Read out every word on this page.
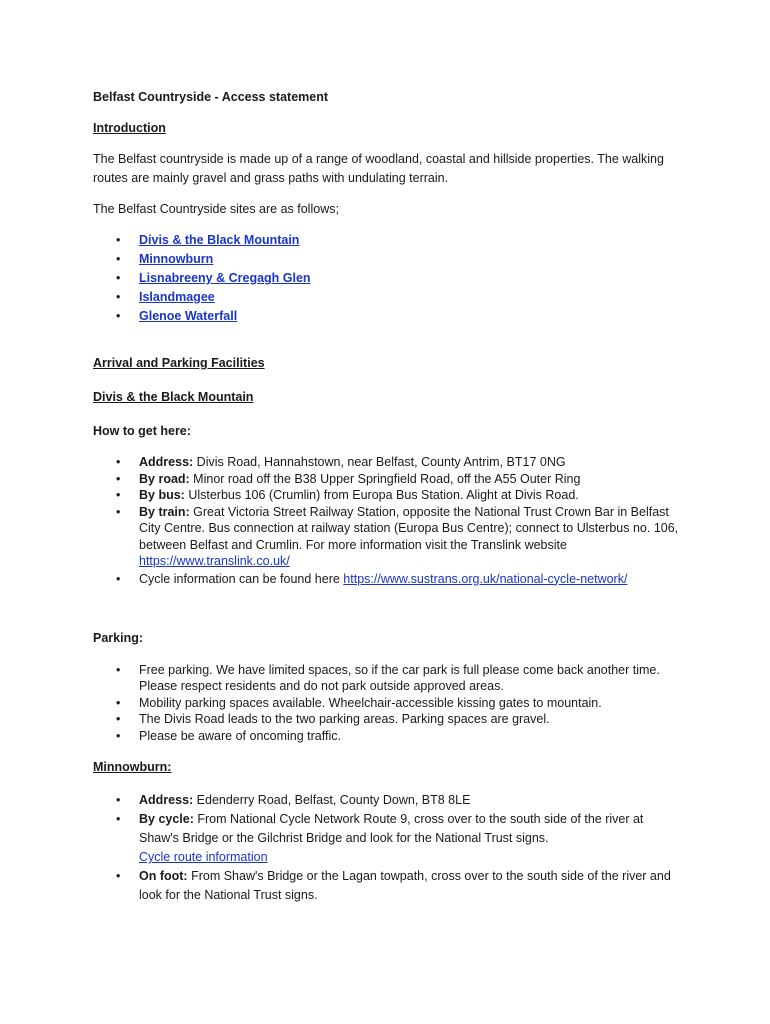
Belfast Countryside - Access statement

Introduction

The Belfast countryside is made up of a range of woodland, coastal and hillside properties. The walking routes are mainly gravel and grass paths with undulating terrain.

The Belfast Countryside sites are as follows;

• Divis & the Black Mountain
• Minnowburn
• Lisnabreeny & Cregagh Glen
• Islandmagee
• Glenoe Waterfall

Arrival and Parking Facilities

Divis & the Black Mountain

How to get here:

• Address: Divis Road, Hannahstown, near Belfast, County Antrim, BT17 0NG
• By road: Minor road off the B38 Upper Springfield Road, off the A55 Outer Ring
• By bus: Ulsterbus 106 (Crumlin) from Europa Bus Station. Alight at Divis Road.
• By train: Great Victoria Street Railway Station, opposite the National Trust Crown Bar in Belfast City Centre. Bus connection at railway station (Europa Bus Centre); connect to Ulsterbus no. 106, between Belfast and Crumlin. For more information visit the Translink website https://www.translink.co.uk/
• Cycle information can be found here https://www.sustrans.org.uk/national-cycle-network/

Parking:

• Free parking. We have limited spaces, so if the car park is full please come back another time. Please respect residents and do not park outside approved areas.
• Mobility parking spaces available. Wheelchair-accessible kissing gates to mountain.
• The Divis Road leads to the two parking areas. Parking spaces are gravel.
• Please be aware of oncoming traffic.

Minnowburn:

• Address: Edenderry Road, Belfast, County Down, BT8 8LE
• By cycle: From National Cycle Network Route 9, cross over to the south side of the river at Shaw's Bridge or the Gilchrist Bridge and look for the National Trust signs.
Cycle route information
• On foot: From Shaw's Bridge or the Lagan towpath, cross over to the south side of the river and look for the National Trust signs.
